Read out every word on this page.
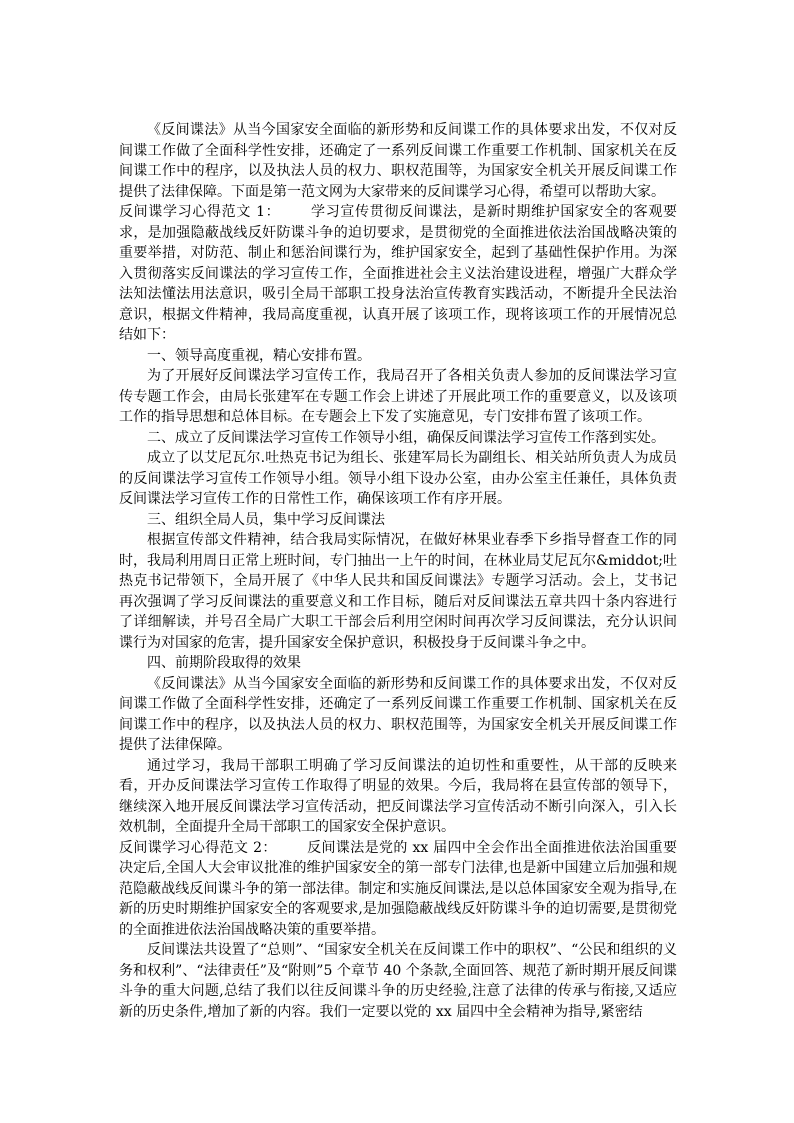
《反间谍法》从当今国家安全面临的新形势和反间谍工作的具体要求出发，不仅对反间谍工作做了全面科学性安排，还确定了一系列反间谍工作重要工作机制、国家机关在反间谍工作中的程序，以及执法人员的权力、职权范围等，为国家安全机关开展反间谍工作提供了法律保障。下面是第一范文网为大家带来的反间谍学习心得，希望可以帮助大家。

反间谍学习心得范文 1： 学习宣传贯彻反间谍法，是新时期维护国家安全的客观要求，是加强隐蔽战线反奸防谍斗争的迫切要求，是贯彻党的全面推进依法治国战略决策的重要举措，对防范、制止和惩治间谍行为，维护国家安全，起到了基础性保护作用。为深入贯彻落实反间谍法的学习宣传工作，全面推进社会主义法治建设进程，增强广大群众学法知法懂法用法意识，吸引全局干部职工投身法治宣传教育实践活动，不断提升全民法治意识，根据文件精神，我局高度重视，认真开展了该项工作，现将该项工作的开展情况总结如下：

一、领导高度重视，精心安排布置。

为了开展好反间谍法学习宣传工作，我局召开了各相关负责人参加的反间谍法学习宣传专题工作会，由局长张建军在专题工作会上讲述了开展此项工作的重要意义，以及该项工作的指导思想和总体目标。在专题会上下发了实施意见，专门安排布置了该项工作。

二、成立了反间谍法学习宣传工作领导小组，确保反间谍法学习宣传工作落到实处。

成立了以艾尼瓦尔.吐热克书记为组长、张建军局长为副组长、相关站所负责人为成员的反间谍法学习宣传工作领导小组。领导小组下设办公室，由办公室主任兼任，具体负责反间谍法学习宣传工作的日常性工作，确保该项工作有序开展。

三、组织全局人员，集中学习反间谍法

根据宣传部文件精神，结合我局实际情况，在做好林果业春季下乡指导督查工作的同时，我局利用周日正常上班时间，专门抽出一上午的时间，在林业局艾尼瓦尔&middot;吐热克书记带领下，全局开展了《中华人民共和国反间谍法》专题学习活动。会上，艾书记再次强调了学习反间谍法的重要意义和工作目标，随后对反间谍法五章共四十条内容进行了详细解读，并号召全局广大职工干部会后利用空闲时间再次学习反间谍法，充分认识间谍行为对国家的危害，提升国家安全保护意识，积极投身于反间谍斗争之中。

四、前期阶段取得的效果

《反间谍法》从当今国家安全面临的新形势和反间谍工作的具体要求出发，不仅对反间谍工作做了全面科学性安排，还确定了一系列反间谍工作重要工作机制、国家机关在反间谍工作中的程序，以及执法人员的权力、职权范围等，为国家安全机关开展反间谍工作提供了法律保障。

通过学习，我局干部职工明确了学习反间谍法的迫切性和重要性，从干部的反映来看，开办反间谍法学习宣传工作取得了明显的效果。今后，我局将在县宣传部的领导下，继续深入地开展反间谍法学习宣传活动，把反间谍法学习宣传活动不断引向深入，引入长效机制，全面提升全局干部职工的国家安全保护意识。

反间谍学习心得范文 2： 反间谍法是党的 xx 届四中全会作出全面推进依法治国重要决定后,全国人大会审议批准的维护国家安全的第一部专门法律,也是新中国建立后加强和规范隐蔽战线反间谍斗争的第一部法律。制定和实施反间谍法,是以总体国家安全观为指导,在新的历史时期维护国家安全的客观要求,是加强隐蔽战线反奸防谍斗争的迫切需要,是贯彻党的全面推进依法治国战略决策的重要举措。

反间谍法共设置了“总则”、“国家安全机关在反间谍工作中的职权”、“公民和组织的义务和权利”、“法律责任”及“附则”5 个章节 40 个条款,全面回答、规范了新时期开展反间谍斗争的重大问题,总结了我们以往反间谍斗争的历史经验,注意了法律的传承与衔接,又适应新的历史条件,增加了新的内容。我们一定要以党的 xx 届四中全会精神为指导,紧密结
